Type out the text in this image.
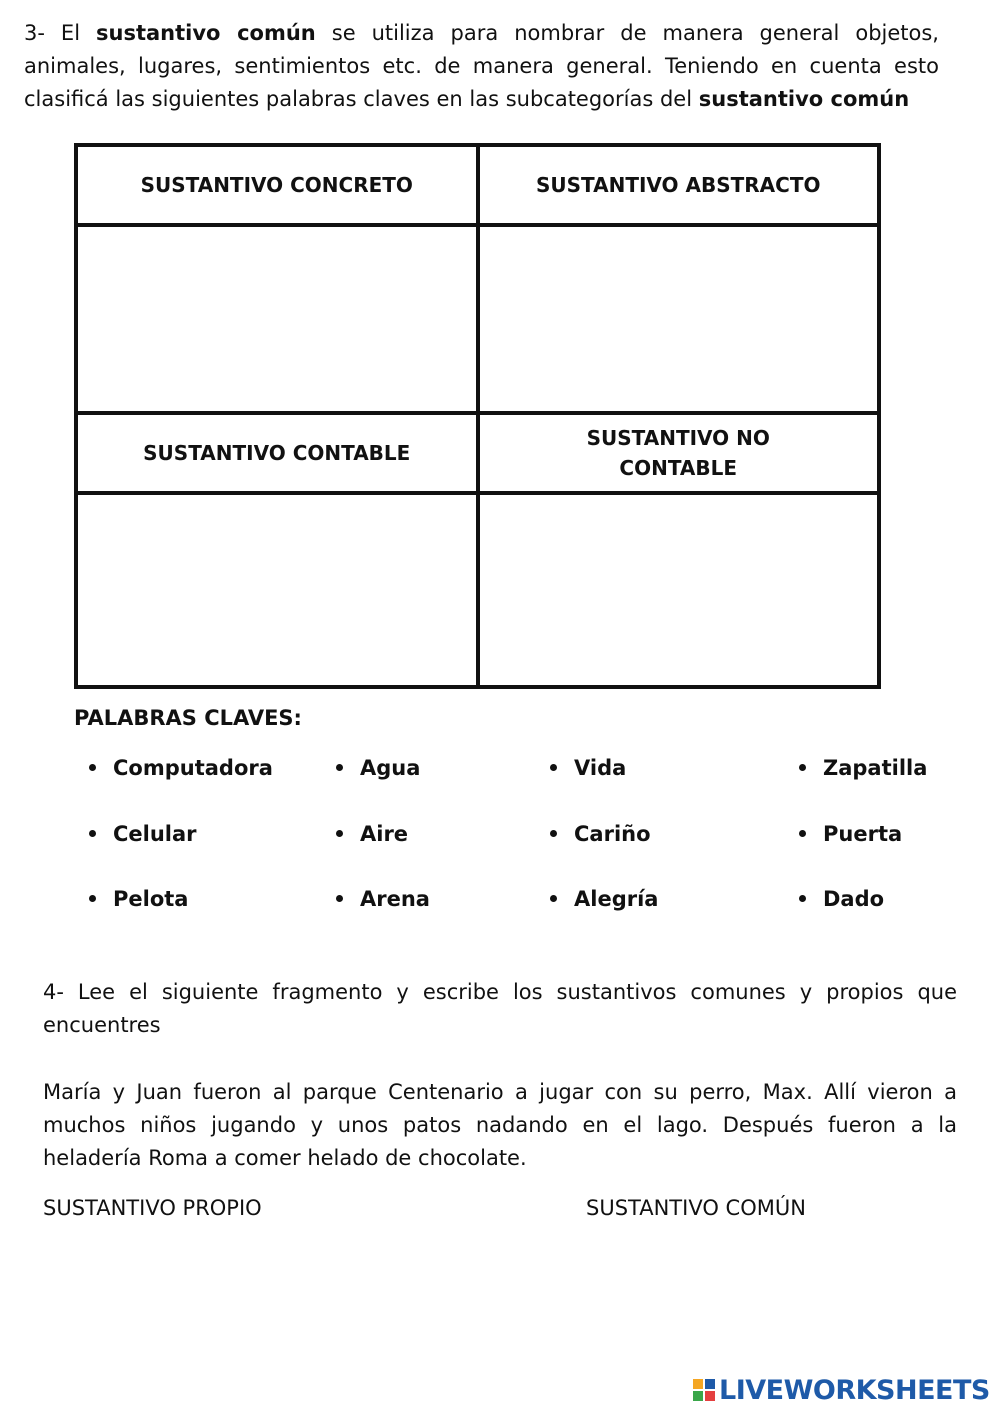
3- El sustantivo común se utiliza para nombrar de manera general objetos, animales, lugares, sentimientos etc. de manera general. Teniendo en cuenta esto clasificá las siguientes palabras claves en las subcategorías del sustantivo común
SUSTANTIVO CONCRETO	SUSTANTIVO ABSTRACTO

SUSTANTIVO CONTABLE	SUSTANTIVO NO CONTABLE

PALABRAS CLAVES:
Computadora	Agua	Vida	Zapatilla
Celular	Aire	Cariño	Puerta
Pelota	Arena	Alegría	Dado
4- Lee el siguiente fragmento y escribe los sustantivos comunes y propios que encuentres
María y Juan fueron al parque Centenario a jugar con su perro, Max. Allí vieron a muchos niños jugando y unos patos nadando en el lago. Después fueron a la heladería Roma a comer helado de chocolate.
SUSTANTIVO PROPIO	SUSTANTIVO COMÚN
LIVEWORKSHEETS
